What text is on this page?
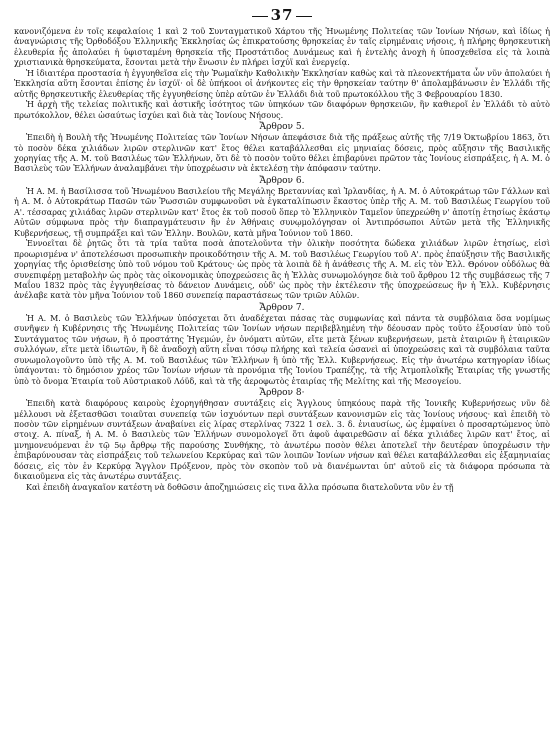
37

κανονιζόμενα ἐν τοῖς κεφαλαίοις 1 καὶ 2 τοῦ Συνταγματικοῦ Χάρτου τῆς Ἡνωμένης Πολιτείας τῶν Ἰονίων Νήσων, καὶ ἰδίως ἡ ἀναγνώρισις τῆς Ὀρθοδόξου Ἑλληνικῆς Ἐκκλησίας ὡς ἐπικρατούσης θρησκείας ἐν ταῖς εἰρημέναις νήσοις, ἡ πλήρης θρησκευτικὴ ἐλευθερία ἧς ἀπολαύει ἡ ὑφισταμένη θρησκεία τῆς Προστάτιδος Δυνάμεως καὶ ἡ ἐντελὴς ἀνοχὴ ἡ ὑποσχεθεῖσα εἰς τὰ λοιπὰ χριστιανικὰ θρησκεύματα, ἔσονται μετὰ τὴν ἕνωσιν ἐν πλήρει ἰσχύϊ καὶ ἐνεργείᾳ.

Ἡ ἰδιαιτέρα προστασία ἡ ἐγγυηθεῖσα εἰς τὴν Ῥωμαϊκὴν Καθολικὴν Ἐκκλησίαν καθὼς καὶ τὰ πλεονεκτήματα ὧν νῦν ἀπολαύει ἡ Ἐκκλησία αὕτη ἔσονται ἐπίσης ἐν ἰσχύϊ· οἱ δὲ ὑπήκοοι οἱ ἀνήκοντες εἰς τὴν θρησκείαν ταύτην θ' ἀπολαμβάνωσιν ἐν Ἑλλάδι τῆς αὐτῆς θρησκευτικῆς ἐλευθερίας τῆς ἐγγυηθείσης ὑπὲρ αὐτῶν ἐν Ἑλλάδι διὰ τοῦ πρωτοκόλλου τῆς 3 Φεβρουαρίου 1830.

Ἡ ἀρχὴ τῆς τελείας πολιτικῆς καὶ ἀστικῆς ἰσότητος τῶν ὑπηκόων τῶν διαφόρων θρησκειῶν, ἣν καθιεροῖ ἐν Ἑλλάδι τὸ αὐτὸ πρωτόκολλον, θέλει ὡσαύτως ἰσχύει καὶ διὰ τὰς Ἰονίους Νήσους.

Ἄρθρον 5.

Ἐπειδὴ ἡ Βουλὴ τῆς Ἡνωμένης Πολιτείας τῶν Ἰονίων Νήσων ἀπεφάσισε διὰ τῆς πράξεως αὐτῆς τῆς 7/19 Ὀκτωβρίου 1863, ὅτι τὸ ποσὸν δέκα χιλιάδων λιρῶν στερλινῶν κατ' ἔτος θέλει καταβάλλεσθαι εἰς μηνιαίας δόσεις, πρὸς αὔξησιν τῆς Βασιλικῆς χορηγίας τῆς Α. Μ. τοῦ Βασιλέως τῶν Ἑλλήνων, ὅτι δὲ τὸ ποσὸν τοῦτο θέλει ἐπιβαρύνει πρῶτον τὰς Ἰονίους εἰσπράξεις, ἡ Α. Μ. ὁ Βασιλεὺς τῶν Ἑλλήνων ἀναλαμβάνει τὴν ὑποχρέωσιν νὰ ἐκτελέσῃ τὴν ἀπόφασιν ταύτην.

Ἄρθρον 6.

Ἡ Α. Μ. ἡ Βασίλισσα τοῦ Ἡνωμένου Βασιλείου τῆς Μεγάλης Βρεταννίας καὶ Ἰρλανδίας, ἡ Α. Μ. ὁ Αὐτοκράτωρ τῶν Γάλλων καὶ ἡ Α. Μ. ὁ Αὐτοκράτωρ Πασῶν τῶν Ῥωσσιῶν συμφωνοῦσι νὰ ἐγκαταλίπωσιν ἕκαστος ὑπὲρ τῆς Α. Μ. τοῦ Βασιλέως Γεωργίου τοῦ Α'. τέσσαρας χιλιάδας λιρῶν στερλινῶν κατ' ἔτος ἐκ τοῦ ποσοῦ ὅπερ τὸ Ἑλληνικὸν Ταμεῖον ὑπεχρεώθη ν' ἀποτίῃ ἐτησίως ἑκάστῳ Αὐτῶν σύμφωνα πρὸς τὴν διαπραγμάτευσιν ἣν ἐν Ἀθήναις συνῳμολόγησαν οἱ Ἀντιπρόσωποι Αὐτῶν μετὰ τῆς Ἑλληνικῆς Κυβερνήσεως, τῇ συμπράξει καὶ τῶν Ἑλλην. Βουλῶν, κατὰ μῆνα Ἰούνιον τοῦ 1860.

Ἐννοεῖται δὲ ῥητῶς ὅτι τὰ τρία ταῦτα ποσὰ ἀποτελοῦντα τὴν ὁλικὴν ποσότητα δώδεκα χιλιάδων λιρῶν ἐτησίως, εἰσὶ προωρισμένα ν' ἀποτελέσωσι προσωπικὴν προικοδότησιν τῆς Α. Μ. τοῦ Βασιλέως Γεωργίου τοῦ Α'. πρὸς ἐπαύξησιν τῆς Βασιλικῆς χορηγίας τῆς ὁρισθείσης ὑπὸ τοῦ νόμου τοῦ Κράτους· ὡς πρὸς τὰ λοιπὰ δὲ ἡ ἀνάθεσις τῆς Α. Μ. εἰς τὸν Ἑλλ. Θρόνον οὐδόλως θὰ συνεπιφέρῃ μεταβολὴν ὡς πρὸς τὰς οἰκονομικὰς ὑποχρεώσεις ἃς ἡ Ἑλλὰς συνωμολόγησε διὰ τοῦ ἄρθρου 12 τῆς συμβάσεως τῆς 7 Μαΐου 1832 πρὸς τὰς ἐγγυηθείσας τὸ δάνειον Δυνάμεις, οὐδ' ὡς πρὸς τὴν ἐκτέλεσιν τῆς ὑποχρεώσεως ἣν ἡ Ἑλλ. Κυβέρνησις ἀνέλαβε κατὰ τὸν μῆνα Ἰούνιον τοῦ 1860 συνεπείᾳ παραστάσεως τῶν τριῶν Αὐλῶν.

Ἄρθρον 7.

Ἡ Α. Μ. ὁ Βασιλεὺς τῶν Ἑλλήνων ὑπόσχεται ὅτι ἀναδέχεται πάσας τὰς συμφωνίας καὶ πάντα τὰ συμβόλαια ὅσα νομίμως συνῆψεν ἡ Κυβέρνησις τῆς Ἡνωμένης Πολιτείας τῶν Ἰονίων νήσων περιβεβλημένη τὴν δέουσαν πρὸς τοῦτο ἐξουσίαν ὑπὸ τοῦ Συντάγματος τῶν νήσων, ἢ ὁ προστάτης Ἡγεμών, ἐν ὀνόματι αὐτῶν, εἴτε μετὰ ξένων κυβερνήσεων, μετὰ ἑταιριῶν ἢ ἑταιρικῶν συλλόγων, εἴτε μετὰ ἰδιωτῶν, ἢ δὲ ἀναδοχὴ αὕτη εἶναι τόσῳ πλήρης καὶ τελεία ὡσανεὶ αἱ ὑποχρεώσεις καὶ τὰ συμβόλαια ταῦτα συνωμολογοῦντο ὑπὸ τῆς Α. Μ. τοῦ Βασιλέως τῶν Ἑλλήνων ἢ ὑπὸ τῆς Ἑλλ. Κυβερνήσεως. Εἰς τὴν ἀνωτέρω κατηγορίαν ἰδίως ὑπάγονται: τὸ δημόσιον χρέος τῶν Ἰονίων νήσων τὰ προνόμια τῆς Ἰονίου Τραπέζης, τὰ τῆς Ἀτμοπλοϊκῆς Ἑταιρίας τῆς γνωστῆς ὑπὸ τὸ ὄνομα Ἑταιρία τοῦ Αὐστριακοῦ Λόϋδ, καὶ τὰ τῆς ἀεροφωτὸς ἑταιρίας τῆς Μελίτης καὶ τῆς Μεσογείου.

Ἄρθρον 8·

Ἐπειδὴ κατὰ διαφόρους καιροὺς ἐχορηγήθησαν συντάξεις εἰς Ἄγγλους ὑπηκόους παρὰ τῆς Ἰονικῆς Κυβερνήσεως νῦν δὲ μέλλουσι νὰ ἐξετασθῶσι τοιαῦται συνεπείᾳ τῶν ἰσχυόντων περὶ συντάξεων κανονισμῶν εἰς τὰς Ἰονίους νήσους· καὶ ἐπειδὴ τὸ ποσὸν τῶν εἰρημένων συντάξεων ἀναβαίνει εἰς λίρας στερλίνας 7322 1 σελ. 3. δ. ἐνιαυσίως, ὡς ἐμφαίνει ὁ προσαρτώμενος ὑπὸ στοιχ. Α. πίναξ, ἡ Α. Μ. ὁ Βασιλεὺς τῶν Ἑλλήνων συνομολογεῖ ὅτι ἀφοῦ ἀφαιρεθῶσιν αἱ δέκα χιλιάδες λιρῶν κατ' ἔτος, αἱ μνημονευόμεναι ἐν τῷ 5ῳ ἄρθρῳ τῆς παρούσης Συνθήκης, τὸ ἀνωτέρω ποσὸν θέλει ἀποτελεῖ τὴν δευτέραν ὑποχρέωσιν τὴν ἐπιβαρύνουσαν τὰς εἰσπράξεις τοῦ τελωνείου Κερκύρας καὶ τῶν λοιπῶν Ἰονίων νήσων καὶ θέλει καταβάλλεσθαι εἰς ἑξαμηνιαίας δόσεις, εἰς τὸν ἐν Κερκύρᾳ Ἄγγλον Πρόξενον, πρὸς τὸν σκοπὸν τοῦ νὰ διανέμωνται ὑπ' αὐτοῦ εἰς τὰ διάφορα πρόσωπα τὰ δικαιοῦμενα εἰς τὰς ἀνωτέρω συντάξεις.

Καὶ ἐπειδὴ ἀναγκαῖον κατέστη νὰ δοθῶσιν ἀποζημιώσεις εἰς τινα ἄλλα πρόσωπα διατελοῦντα νῦν ἐν τῇ
